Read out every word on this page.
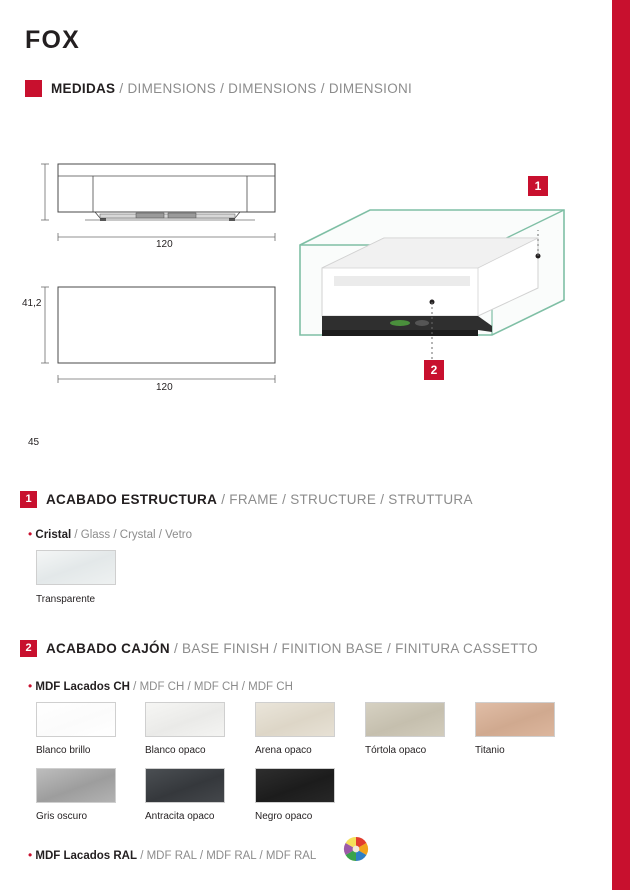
FOX
MEDIDAS / DIMENSIONS / DIMENSIONS / DIMENSIONI
41,2
120
45
120
1
2
1	ACABADO ESTRUCTURA / FRAME / STRUCTURE / STRUTTURA
• Cristal / Glass / Crystal / Vetro
Transparente
2	ACABADO CAJÓN / BASE FINISH / FINITION BASE / FINITURA CASSETTO
• MDF Lacados CH / MDF CH / MDF CH / MDF CH
Blanco brillo	Blanco opaco	Arena opaco	Tórtola opaco	Titanio
Gris oscuro	Antracita opaco	Negro opaco
• MDF Lacados RAL / MDF RAL / MDF RAL / MDF RAL
